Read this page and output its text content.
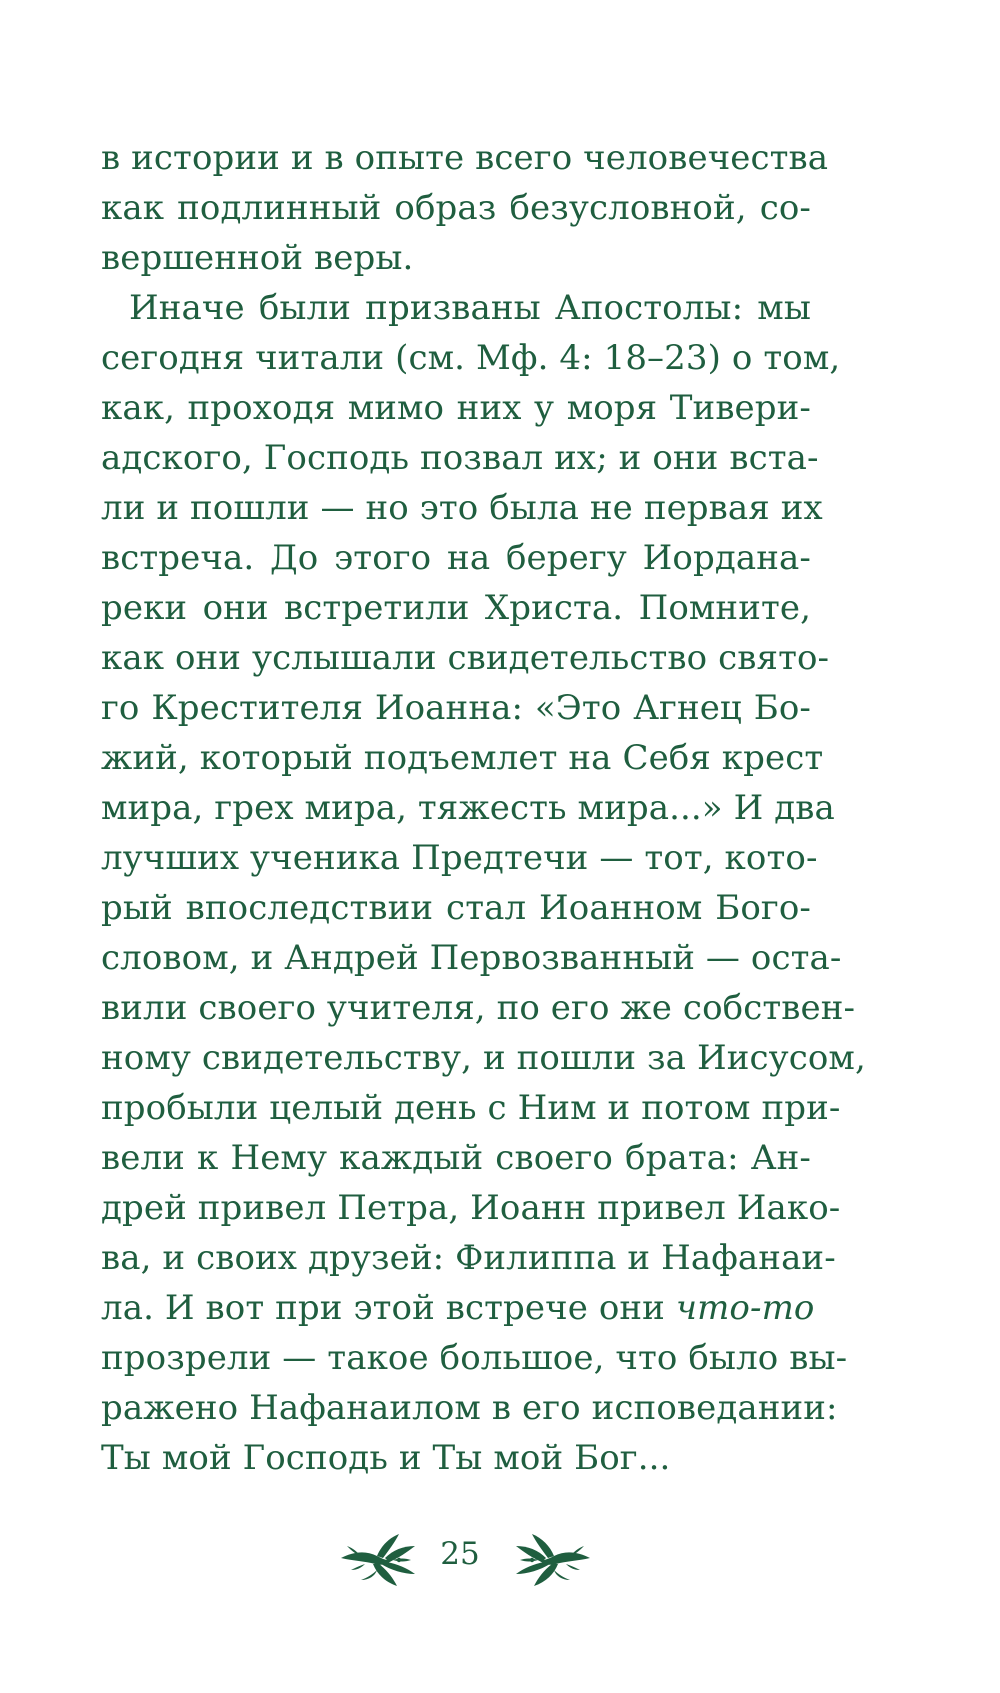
в истории и в опыте всего человечества
как подлинный образ безусловной, со-
вершенной веры.
Иначе были призваны Апостолы: мы
сегодня читали (см. Мф. 4: 18–23) о том,
как, проходя мимо них у моря Тивери-
адского, Господь позвал их; и они вста-
ли и пошли — но это была не первая их
встреча. До этого на берегу Иордана-
реки они встретили Христа. Помните,
как они услышали свидетельство свято-
го Крестителя Иоанна: «Это Агнец Бо-
жий, который подъемлет на Себя крест
мира, грех мира, тяжесть мира...» И два
лучших ученика Предтечи — тот, кото-
рый впоследствии стал Иоанном Бого-
словом, и Андрей Первозванный — оста-
вили своего учителя, по его же собствен-
ному свидетельству, и пошли за Иисусом,
пробыли целый день с Ним и потом при-
вели к Нему каждый своего брата: Ан-
дрей привел Петра, Иоанн привел Иако-
ва, и своих друзей: Филиппа и Нафанаи-
ла. И вот при этой встрече они что-то
прозрели — такое большое, что было вы-
ражено Нафанаилом в его исповедании:
Ты мой Господь и Ты мой Бог...
25
